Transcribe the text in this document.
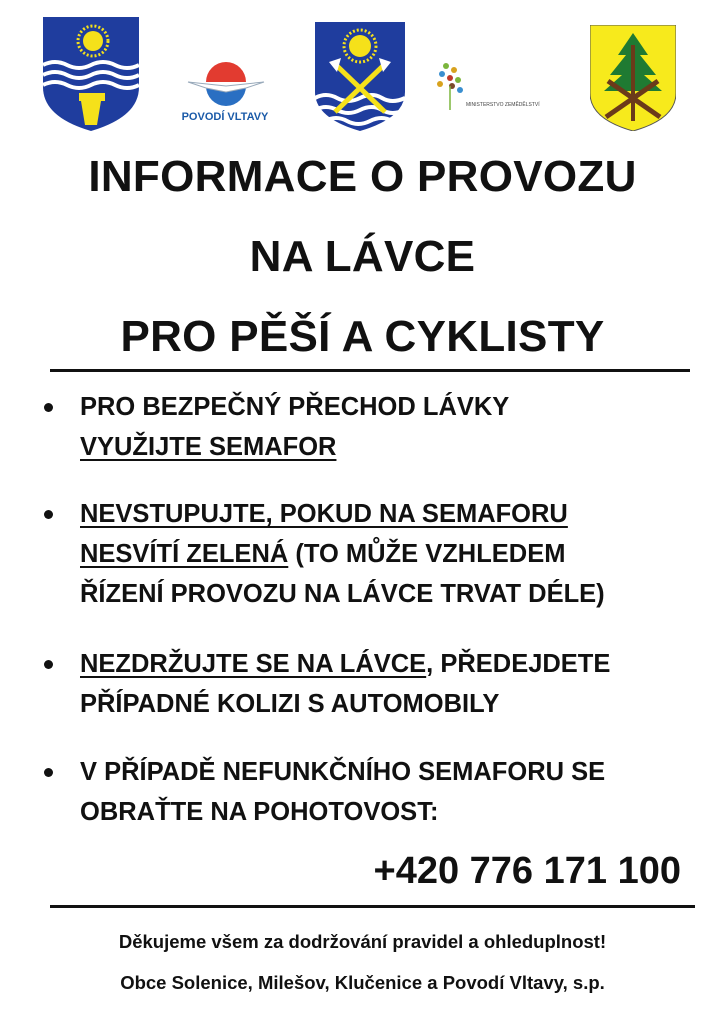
POVODÍ VLTAVY
MINISTERSTVO ZEMĚDĚLSTVÍ
INFORMACE O PROVOZU
NA LÁVCE
PRO PĚŠÍ A CYKLISTY
PRO BEZPEČNÝ PŘECHOD LÁVKY
VYUŽIJTE SEMAFOR
NEVSTUPUJTE, POKUD NA SEMAFORU
NESVÍTÍ ZELENÁ (TO MŮŽE VZHLEDEM ŘÍZENÍ PROVOZU NA LÁVCE TRVAT DÉLE)
NEZDRŽUJTE SE NA LÁVCE, PŘEDEJDETE PŘÍPADNÉ KOLIZI S AUTOMOBILY
V PŘÍPADĚ NEFUNKČNÍHO SEMAFORU SE OBRAŤTE NA POHOTOVOST:
+420 776 171 100
Děkujeme všem za dodržování pravidel a ohleduplnost!
Obce Solenice, Milešov, Klučenice a Povodí Vltavy, s.p.
